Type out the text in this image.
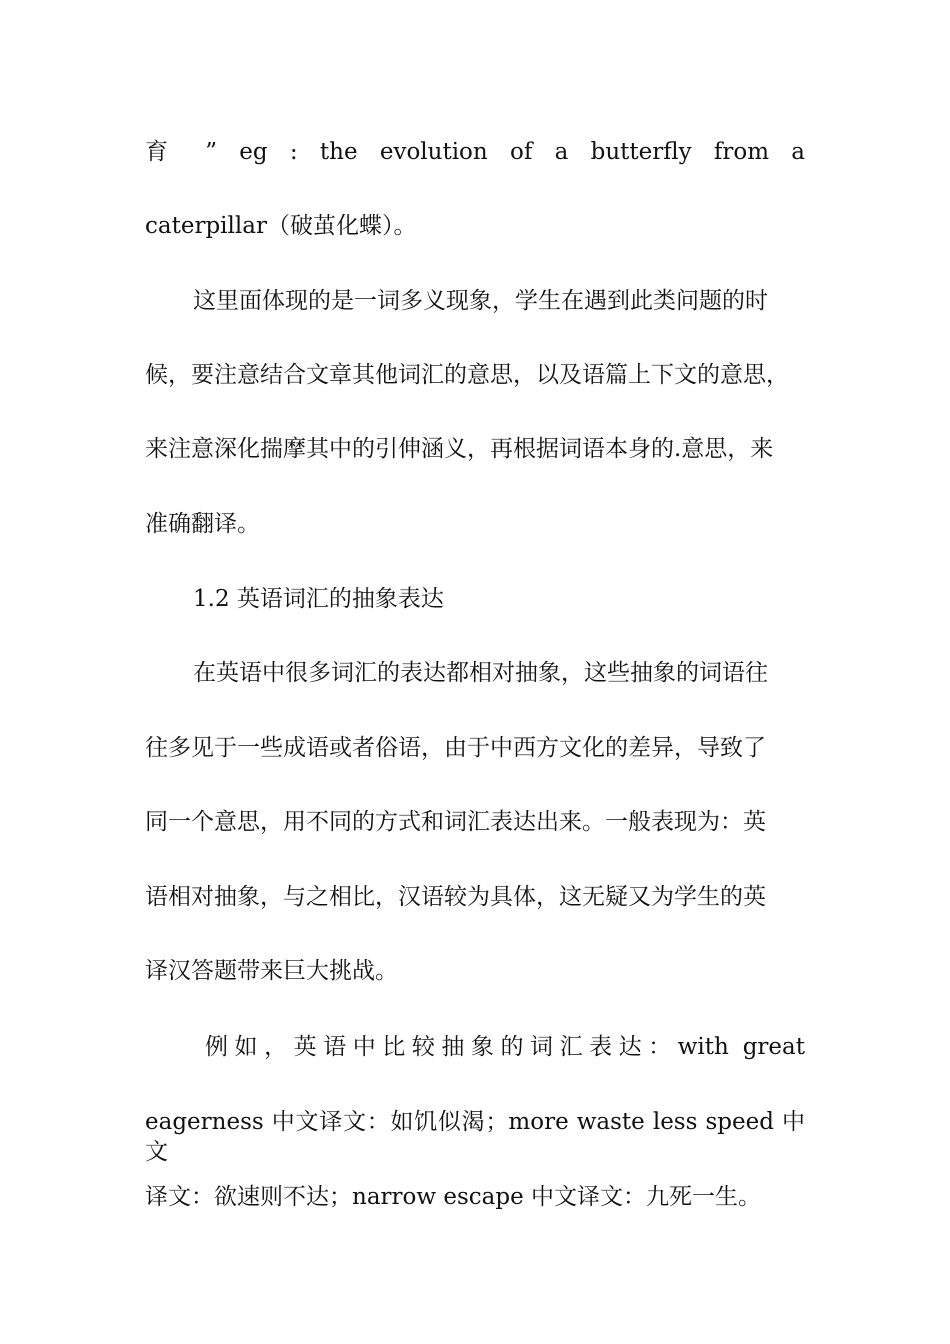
育 ” eg : the evolution of a butterfly from a
caterpillar（破茧化蝶）。
这里面体现的是一词多义现象，学生在遇到此类问题的时
候，要注意结合文章其他词汇的意思，以及语篇上下文的意思，
来注意深化揣摩其中的引伸涵义，再根据词语本身的.意思，来
准确翻译。
1.2 英语词汇的抽象表达
在英语中很多词汇的表达都相对抽象，这些抽象的词语往
往多见于一些成语或者俗语，由于中西方文化的差异，导致了
同一个意思，用不同的方式和词汇表达出来。一般表现为：英
语相对抽象，与之相比，汉语较为具体，这无疑又为学生的英
译汉答题带来巨大挑战。
例如，英语中比较抽象的词汇表达：with great
eagerness 中文译文：如饥似渴；more waste less speed 中文
译文：欲速则不达；narrow escape 中文译文：九死一生。
